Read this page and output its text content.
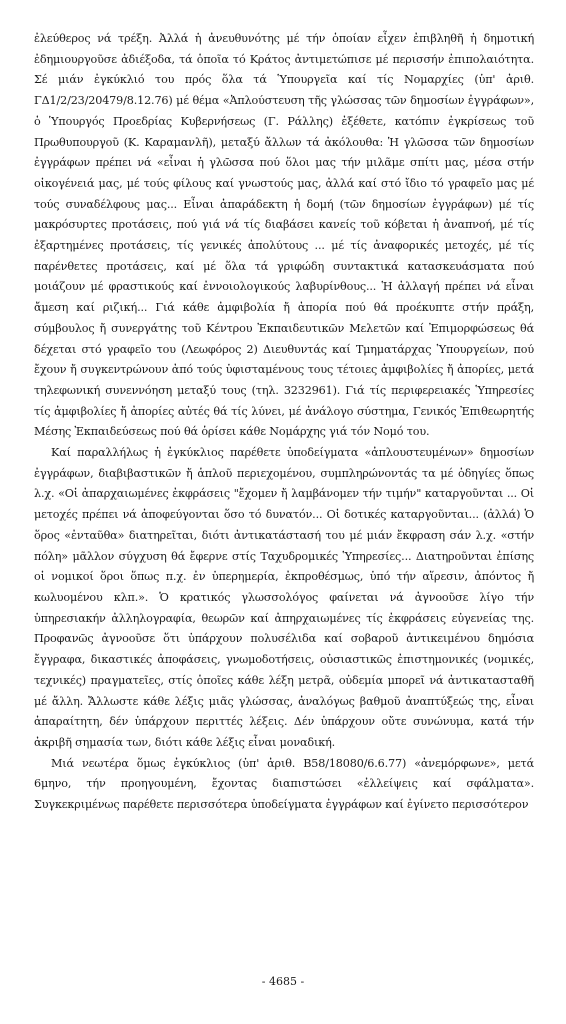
ἐλεύθερος νά τρέξη. Ἀλλά ἡ ἀνευθυνότης μέ τήν ὁποίαν εἶχεν ἐπιβληθῆ ἡ δημοτική ἐδημιουργοῦσε ἀδιέξοδα, τά ὁποῖα τό Κράτος ἀντιμετώπισε μέ περισσήν ἐπιπολαιότητα. Σέ μιάν ἐγκύκλιό του πρός ὅλα τά Ὑπουργεῖα καί τίς Νομαρχίες (ὑπ' ἀριθ. ΓΔ1/2/23/20479/8.12.76) μέ θέμα «Ἀπλούστευση τῆς γλώσσας τῶν δημοσίων ἐγγράφων», ὁ Ὑπουργός Προεδρίας Κυβερνήσεως (Γ. Ράλλης) ἐξέθετε, κατόπιν ἐγκρίσεως τοῦ Πρωθυπουργοῦ (Κ. Καραμανλῆ), μεταξύ ἄλλων τά ἀκόλουθα: Ἡ γλῶσσα τῶν δημοσίων ἐγγράφων πρέπει νά «εἶναι ἡ γλῶσσα πού ὅλοι μας τήν μιλᾶμε σπίτι μας, μέσα στήν οἰκογένειά μας, μέ τούς φίλους καί γνωστούς μας, ἀλλά καί στό ἴδιο τό γραφεῖο μας μέ τούς συναδέλφους μας... Εἶναι ἀπαράδεκτη ἡ δομή (τῶν δημοσίων ἐγγράφων) μέ τίς μακρόσυρτες προτάσεις, πού γιά νά τίς διαβάσει κανείς τοῦ κόβεται ἡ ἀναπνοή, μέ τίς ἐξαρτημένες προτάσεις, τίς γενικές ἀπολύτους ... μέ τίς ἀναφορικές μετοχές, μέ τίς παρένθετες προτάσεις, καί μέ ὅλα τά γριφώδη συντακτικά κατασκευάσματα πού μοιάζουν μέ φραστικούς καί ἐννοιολογικούς λαβυρίνθους... Ἡ ἀλλαγή πρέπει νά εἶναι ἄμεση καί ριζική... Γιά κάθε ἀμφιβολία ἤ ἀπορία πού θά προέκυπτε στήν πράξη, σύμβουλος ἤ συνεργάτης τοῦ Κέντρου Ἐκπαιδευτικῶν Μελετῶν καί Ἐπιμορφώσεως θά δέχεται στό γραφεῖο του (Λεωφόρος 2) Διευθυντάς καί Τμηματάρχας Ὑπουργείων, πού ἔχουν ἤ συγκεντρώνουν ἀπό τούς ὑφισταμένους τους τέτοιες ἀμφιβολίες ἤ ἀπορίες, μετά τηλεφωνική συνεννόηση μεταξύ τους (τηλ. 3232961). Γιά τίς περιφερειακές Ὑπηρεσίες τίς ἀμφιβολίες ἤ ἀπορίες αὐτές θά τίς λύνει, μέ ἀνάλογο σύστημα, Γενικός Ἐπιθεωρητής Μέσης Ἐκπαιδεύσεως πού θά ὁρίσει κάθε Νομάρχης γιά τόν Νομό του.

Καί παραλλήλως ἡ ἐγκύκλιος παρέθετε ὑποδείγματα «ἀπλουστευμένων» δημοσίων ἐγγράφων, διαβιβαστικῶν ἤ ἁπλοῦ περιεχομένου, συμπληρώνοντάς τα μέ ὁδηγίες ὅπως λ.χ. «Οἱ ἀπαρχαιωμένες ἐκφράσεις "ἔχομεν ἤ λαμβάνομεν τήν τιμήν" καταργοῦνται ... Οἱ μετοχές πρέπει νά ἀποφεύγονται ὅσο τό δυνατόν... Οἱ δοτικές καταργοῦνται... (ἀλλά) Ὁ ὅρος «ἐνταῦθα» διατηρεῖται, διότι ἀντικατάστασή του μέ μιάν ἔκφραση σάν λ.χ. «στήν πόλη» μᾶλλον σύγχυση θά ἔφερνε στίς Ταχυδρομικές Ὑπηρεσίες... Διατηροῦνται ἐπίσης οἱ νομικοί ὅροι ὅπως π.χ. ἐν ὑπερημερία, ἐκπροθέσμως, ὑπό τήν αἵρεσιν, ἀπόντος ἤ κωλυομένου κλπ.». Ὁ κρατικός γλωσσολόγος φαίνεται νά ἀγνοοῦσε λίγο τήν ὑπηρεσιακήν ἀλληλογραφία, θεωρῶν καί ἀπηρχαιωμένες τίς ἐκφράσεις εὐγενείας της. Προφανῶς ἀγνοοῦσε ὅτι ὑπάρχουν πολυσέλιδα καί σοβαροῦ ἀντικειμένου δημόσια ἔγγραφα, δικαστικές ἀποφάσεις, γνωμοδοτήσεις, οὐσιαστικῶς ἐπιστημονικές (νομικές, τεχνικές) πραγματεῖες, στίς ὁποῖες κάθε λέξη μετρᾶ, οὐδεμία μπορεῖ νά ἀντικατασταθῆ μέ ἄλλη. Ἄλλωστε κάθε λέξις μιᾶς γλώσσας, ἀναλόγως βαθμοῦ ἀναπτύξεώς της, εἶναι ἀπαραίτητη, δέν ὑπάρχουν περιττές λέξεις. Δέν ὑπάρχουν οὔτε συνώνυμα, κατά τήν ἀκριβῆ σημασία των, διότι κάθε λέξις εἶναι μοναδική.

Μιά νεωτέρα ὅμως ἐγκύκλιος (ὑπ' ἀριθ. Β58/18080/6.6.77) «ἀνεμόρφωνε», μετά 6μηνο, τήν προηγουμένη, ἔχοντας διαπιστώσει «ἐλλείψεις καί σφάλματα». Συγκεκριμένως παρέθετε περισσότερα ὑποδείγματα ἐγγράφων καί ἐγίνετο περισσότερον

- 4685 -
